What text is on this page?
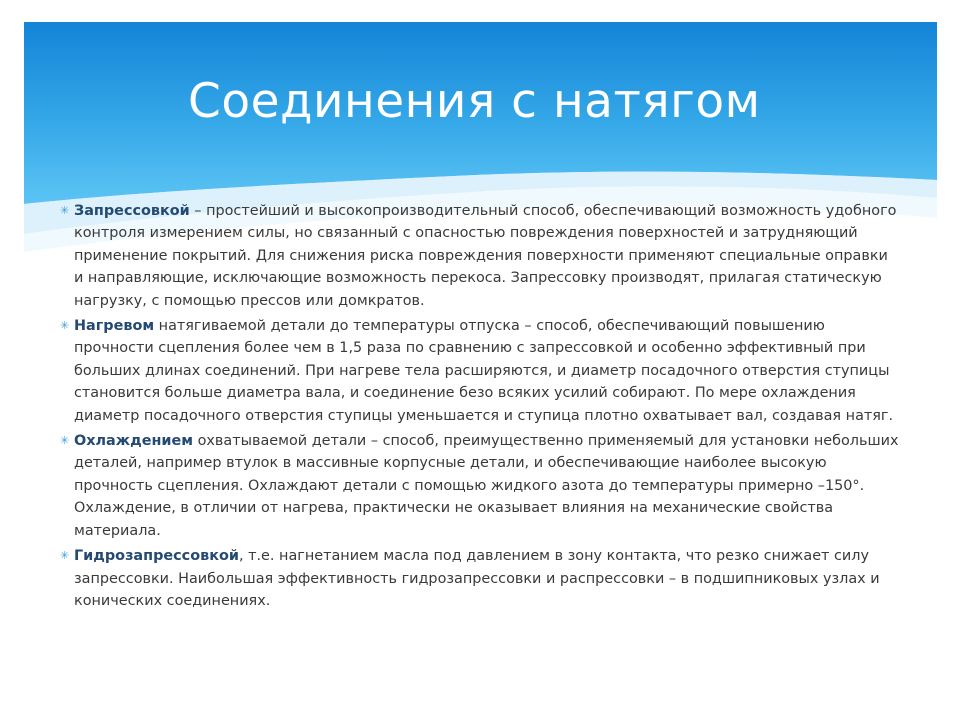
Соединения с натягом
✳ Запрессовкой – простейший и высокопроизводительный способ, обеспечивающий возможность удобного контроля измерением силы, но связанный с опасностью повреждения поверхностей и затрудняющий применение покрытий. Для снижения риска повреждения поверхности применяют специальные оправки и направляющие, исключающие возможность перекоса. Запрессовку производят, прилагая статическую нагрузку, с помощью прессов или домкратов.
✳ Нагревом натягиваемой детали до температуры отпуска – способ, обеспечивающий повышению прочности сцепления более чем в 1,5 раза по сравнению с запрессовкой и особенно эффективный при больших длинах соединений. При нагреве тела расширяются, и диаметр посадочного отверстия ступицы становится больше диаметра вала, и соединение безо всяких усилий собирают. По мере охлаждения диаметр посадочного отверстия ступицы уменьшается и ступица плотно охватывает вал, создавая натяг.
✳ Охлаждением охватываемой детали – способ, преимущественно применяемый для установки небольших деталей, например втулок в массивные корпусные детали, и обеспечивающие наиболее высокую прочность сцепления. Охлаждают детали с помощью жидкого азота до температуры примерно –150°. Охлаждение, в отличии от нагрева, практически не оказывает влияния на механические свойства материала.
✳ Гидрозапрессовкой, т.е. нагнетанием масла под давлением в зону контакта, что резко снижает силу запрессовки. Наибольшая эффективность гидрозапрессовки и распрессовки – в подшипниковых узлах и конических соединениях.
